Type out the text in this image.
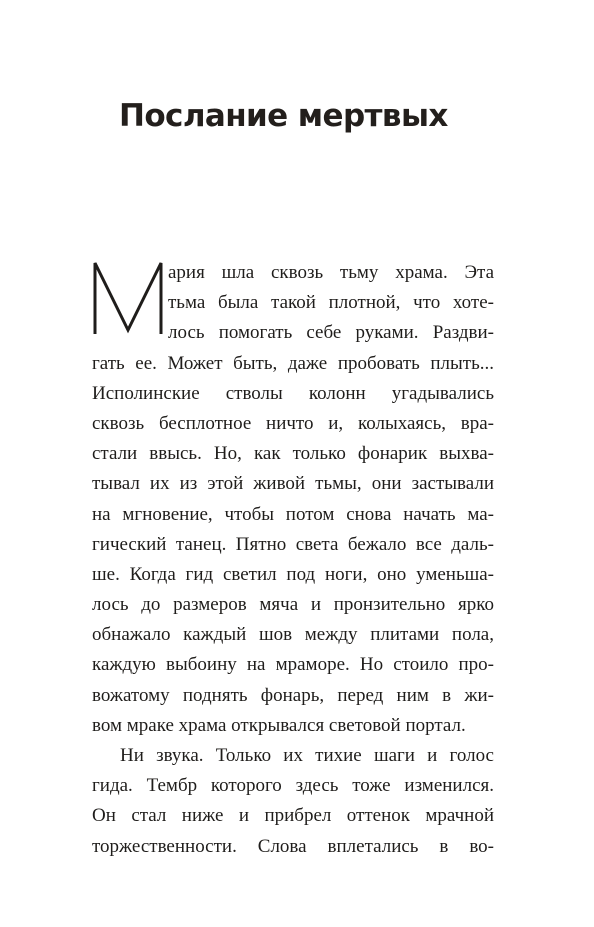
Послание мертвых
ария шла сквозь тьму храма. Эта
тьма была такой плотной, что хоте-
лось помогать себе руками. Раздви-
гать ее. Может быть, даже пробовать плыть...
Исполинские стволы колонн угадывались
сквозь бесплотное ничто и, колыхаясь, вра-
стали ввысь. Но, как только фонарик выхва-
тывал их из этой живой тьмы, они застывали
на мгновение, чтобы потом снова начать ма-
гический танец. Пятно света бежало все даль-
ше. Когда гид светил под ноги, оно уменьша-
лось до размеров мяча и пронзительно ярко
обнажало каждый шов между плитами пола,
каждую выбоину на мраморе. Но стоило про-
вожатому поднять фонарь, перед ним в жи-
вом мраке храма открывался световой портал.
Ни звука. Только их тихие шаги и голос
гида. Тембр которого здесь тоже изменился.
Он стал ниже и прибрел оттенок мрачной
торжественности. Слова вплетались в во-
